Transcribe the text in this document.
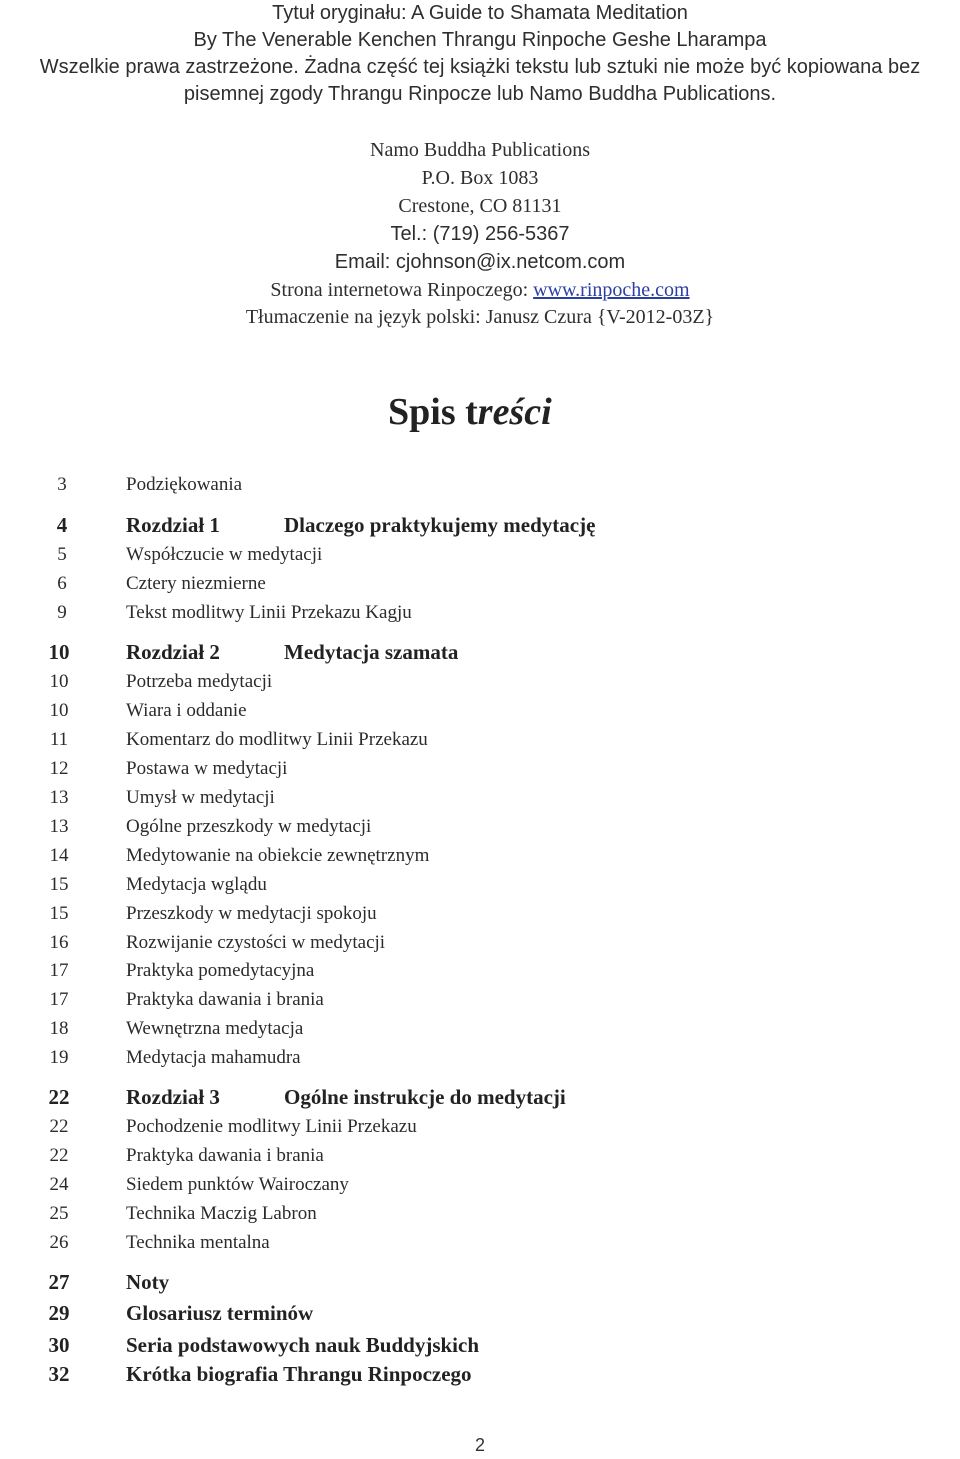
Tytuł oryginału: A Guide to Shamata Meditation
By The Venerable Kenchen Thrangu Rinpoche Geshe Lharampa
Wszelkie prawa zastrzeżone. Żadna część tej książki tekstu lub sztuki nie może być kopiowana bez
pisemnej zgody Thrangu Rinpocze lub Namo Buddha Publications.
Namo Buddha Publications
P.O. Box 1083
Crestone, CO 81131
Tel.: (719) 256-5367
Email: cjohnson@ix.netcom.com
Strona internetowa Rinpoczego: www.rinpoche.com
Tłumaczenie na język polski: Janusz Czura {V-2012-03Z}
Spis treści
3	Podziękowania
4	Rozdział 1	Dlaczego praktykujemy medytację
5	Współczucie w medytacji
6	Cztery niezmierne
9	Tekst modlitwy Linii Przekazu Kagju
10	Rozdział 2	Medytacja szamata
10	Potrzeba medytacji
10	Wiara i oddanie
11	Komentarz do modlitwy Linii Przekazu
12	Postawa w medytacji
13	Umysł w medytacji
13	Ogólne przeszkody w medytacji
14	Medytowanie na obiekcie zewnętrznym
15	Medytacja wglądu
15	Przeszkody w medytacji spokoju
16	Rozwijanie czystości w medytacji
17	Praktyka pomedytacyjna
17	Praktyka dawania i brania
18	Wewnętrzna medytacja
19	Medytacja mahamudra
22	Rozdział 3	Ogólne instrukcje do medytacji
22	Pochodzenie modlitwy Linii Przekazu
22	Praktyka dawania i brania
24	Siedem punktów Wairoczany
25	Technika Maczig Labron
26	Technika mentalna
27	Noty
29	Glosariusz terminów
30	Seria podstawowych nauk Buddyjskich
32	Krótka biografia Thrangu Rinpoczego
2
